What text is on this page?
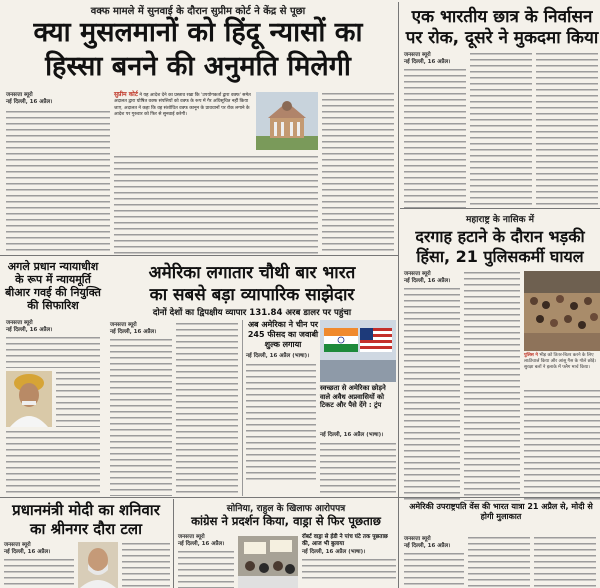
वक्फ मामले में सुनवाई के दौरान सुप्रीम कोर्ट ने केंद्र से पूछा
क्या मुसलमानों को हिंदू न्यासों का
हिस्सा बनने की अनुमति मिलेगी
जनसत्ता ब्यूरो
नई दिल्ली, 16 अप्रैल।
सुप्रीम कोर्ट ने यह आदेश देने का प्रस्ताव रखा कि 'उपयोगकर्ता द्वारा वक्फ' समेत अदालत द्वारा घोषित वक्फ संपत्तियों को वक्फ के रूप में गैर अधिसूचित नहीं किया जाए, अदालत ने कहा कि वह संशोधित वक्फ कानून के प्रावधानों पर रोक लगाने के आदेश पर गुरुवार को फिर से सुनवाई करेगी।
एक भारतीय छात्र के निर्वासन
पर रोक, दूसरे ने मुकदमा किया
जनसत्ता ब्यूरो
नई दिल्ली, 16 अप्रैल।
महाराष्ट्र के नासिक में
दरगाह हटाने के दौरान भड़की
हिंसा, 21 पुलिसकर्मी घायल
जनसत्ता ब्यूरो
नई दिल्ली, 16 अप्रैल।
पुलिस ने भीड़ को तितर-बितर करने के लिए लाठीचार्ज किया और आंसू गैस के गोले छोड़े। सुरक्षा बलों ने इलाके में फ्लैग मार्च किया।
अगले प्रधान न्यायाधीश के रूप में न्यायमूर्ति बीआर गवई की नियुक्ति की सिफारिश
जनसत्ता ब्यूरो
नई दिल्ली, 16 अप्रैल।
अमेरिका लगातार चौथी बार भारत
का सबसे बड़ा व्यापारिक साझेदार
दोनों देशों का द्विपक्षीय व्यापार 131.84 अरब डालर पर पहुंचा
जनसत्ता ब्यूरो
नई दिल्ली, 16 अप्रैल।
अब अमेरिका ने चीन पर 245 फीसद का जवाबी शुल्क लगाया
नई दिल्ली, 16 अप्रैल (भाषा)।
स्वच्छता से अमेरिका छोड़ने वाले अवैध अप्रवासियों को टिकट और पैसे देंगे : ट्रंप
नई दिल्ली, 16 अप्रैल (भाषा)।
प्रधानमंत्री मोदी का शनिवार
का श्रीनगर दौरा टला
जनसत्ता ब्यूरो
नई दिल्ली, 16 अप्रैल।
सोनिया, राहुल के खिलाफ आरोपपत्र
कांग्रेस ने प्रदर्शन किया, वाड्रा से फिर पूछताछ
जनसत्ता ब्यूरो
नई दिल्ली, 16 अप्रैल।
रॉबर्ट वाड्रा से ईडी ने पांच घंटे तक पूछताछ की, आज भी बुलाया
नई दिल्ली, 16 अप्रैल (भाषा)।
अमेरिकी उपराष्ट्रपति वेंस की भारत यात्रा 21 अप्रैल से, मोदी से होगी मुलाकात
जनसत्ता ब्यूरो
नई दिल्ली, 16 अप्रैल।
